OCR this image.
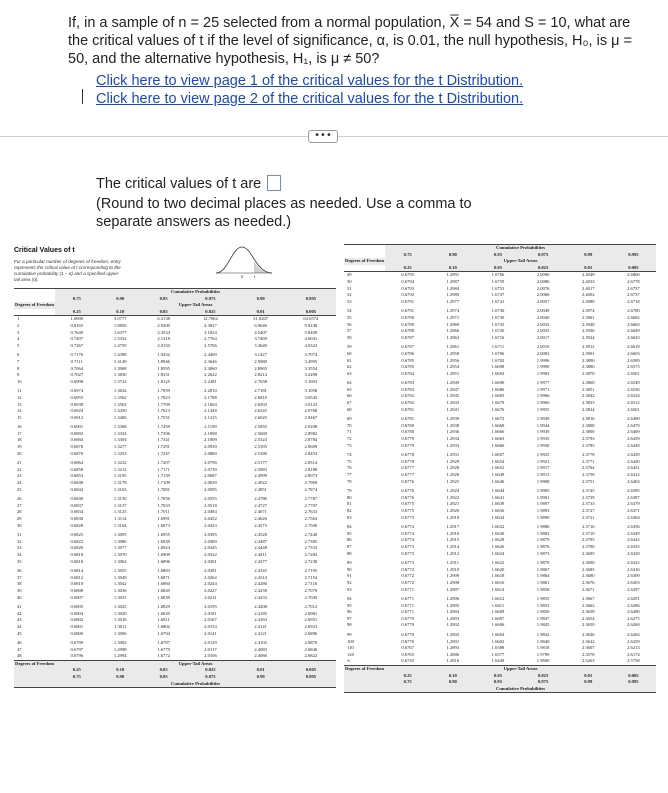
If, in a sample of n = 25 selected from a normal population, X̅ = 54 and S = 10, what are the critical values of t if the level of significance, α, is 0.01, the null hypothesis, H₀, is μ = 50, and the alternative hypothesis, H₁, is μ ≠ 50?
Click here to view page 1 of the critical values for the t Distribution.
Click here to view page 2 of the critical values for the t Distribution.
•••
The critical values of t are
(Round to two decimal places as needed. Use a comma to separate answers as needed.)
Critical Values of t
For a particular number of degrees of freedom, entry represents the critical value of t corresponding to the cumulative probability (1 − α) and a specified upper-tail area (α).
0	t
	Cumulative Probabilities					
	0.75	0.90	0.95	0.975	0.99	0.995
Degrees of Freedom	Upper-Tail Areas					
	0.25	0.10	0.05	0.025	0.01	0.005
1	1.0000	3.0777	6.3138	12.7062	31.8207	63.6574
2	0.8165	1.8856	2.9200	4.3027	6.9646	9.9248
3	0.7649	1.6377	2.3534	3.1824	4.5407	5.8409
4	0.7407	1.5332	2.1318	2.7764	3.7469	4.6041
5	0.7267	1.4759	2.0150	2.5706	3.3649	4.0322

6	0.7176	1.4398	1.9432	2.4469	3.1427	3.7074
7	0.7111	1.4149	1.8946	2.3646	2.9980	3.4995
8	0.7064	1.3968	1.8595	2.3060	2.8965	3.3554
9	0.7027	1.3830	1.8331	2.2622	2.8214	3.2498
10	0.6998	1.3722	1.8125	2.2281	2.7638	3.1693

11	0.6974	1.3634	1.7959	2.2010	2.7181	3.1058
12	0.6955	1.3562	1.7823	2.1788	2.6810	3.0545
13	0.6938	1.3502	1.7709	2.1604	2.6503	3.0123
14	0.6924	1.3450	1.7613	2.1448	2.6245	2.9768
15	0.6912	1.3406	1.7531	2.1315	2.6025	2.9467

16	0.6901	1.3368	1.7459	2.1199	2.5835	2.9208
17	0.6892	1.3334	1.7396	2.1098	2.5669	2.8982
18	0.6884	1.3304	1.7341	2.1009	2.5524	2.8784
19	0.6876	1.3277	1.7291	2.0930	2.5395	2.8609
20	0.6870	1.3253	1.7247	2.0860	2.5280	2.8453

21	0.6864	1.3232	1.7207	2.0796	2.5177	2.8314
22	0.6858	1.3212	1.7171	2.0739	2.5083	2.8188
23	0.6853	1.3195	1.7139	2.0687	2.4999	2.8073
24	0.6848	1.3178	1.7109	2.0639	2.4922	2.7969
25	0.6844	1.3163	1.7081	2.0595	2.4851	2.7874

26	0.6840	1.3150	1.7056	2.0555	2.4786	2.7787
27	0.6837	1.3137	1.7033	2.0518	2.4727	2.7707
28	0.6834	1.3125	1.7011	2.0484	2.4671	2.7633
29	0.6830	1.3114	1.6991	2.0452	2.4620	2.7564
30	0.6828	1.3104	1.6973	2.0423	2.4573	2.7500

31	0.6825	1.3095	1.6955	2.0395	2.4528	2.7440
32	0.6822	1.3086	1.6939	2.0369	2.4487	2.7385
33	0.6820	1.3077	1.6924	2.0345	2.4448	2.7333
34	0.6818	1.3070	1.6909	2.0322	2.4411	2.7284
35	0.6816	1.3062	1.6896	2.0301	2.4377	2.7238

36	0.6814	1.3055	1.6883	2.0281	2.4345	2.7195
37	0.6812	1.3049	1.6871	2.0262	2.4314	2.7154
38	0.6810	1.3042	1.6860	2.0244	2.4286	2.7116
39	0.6808	1.3036	1.6849	2.0227	2.4258	2.7079
40	0.6807	1.3031	1.6839	2.0211	2.4233	2.7045

41	0.6805	1.3025	1.6829	2.0195	2.4208	2.7012
42	0.6804	1.3020	1.6820	2.0181	2.4185	2.6981
43	0.6802	1.3016	1.6811	2.0167	2.4163	2.6951
44	0.6801	1.3011	1.6802	2.0154	2.4141	2.6923
45	0.6800	1.3006	1.6794	2.0141	2.4121	2.6896

46	0.6799	1.3002	1.6787	2.0129	2.4102	2.6870
47	0.6797	1.2998	1.6779	2.0117	2.4083	2.6846
48	0.6796	1.2994	1.6772	2.0106	2.4066	2.6822
Degrees of Freedom	Upper-Tail Areas					
	0.25	0.10	0.05	0.025	0.01	0.005
	0.75	0.90	0.95	0.975	0.99	0.995
	Cumulative Probabilities					
	Cumulative Probabilities					
	0.75	0.90	0.95	0.975	0.99	0.995
Degrees of Freedom	Upper-Tail Areas					
	0.25	0.10	0.05	0.025	0.01	0.005
49	0.6795	1.2991	1.6766	2.0096	2.4049	2.6800
50	0.6794	1.2987	1.6759	2.0086	2.4033	2.6778
51	0.6793	1.2984	1.6753	2.0076	2.4017	2.6757
52	0.6792	1.2980	1.6747	2.0066	2.4002	2.6737
53	0.6791	1.2977	1.6741	2.0057	2.3988	2.6718

54	0.6791	1.2974	1.6736	2.0049	2.3974	2.6700
55	0.6790	1.2971	1.6730	2.0040	2.3961	2.6682
56	0.6789	1.2969	1.6725	2.0032	2.3948	2.6665
57	0.6788	1.2966	1.6720	2.0025	2.3936	2.6649
58	0.6787	1.2963	1.6716	2.0017	2.3924	2.6633

59	0.6787	1.2961	1.6711	2.0010	2.3912	2.6618
60	0.6786	1.2958	1.6706	2.0003	2.3901	2.6603
61	0.6785	1.2956	1.6702	1.9996	2.3890	2.6589
62	0.6785	1.2954	1.6698	1.9990	2.3880	2.6575
63	0.6784	1.2951	1.6694	1.9983	2.3870	2.6561

64	0.6783	1.2949	1.6690	1.9977	2.3860	2.6549
65	0.6783	1.2947	1.6686	1.9971	2.3851	2.6536
66	0.6782	1.2945	1.6683	1.9966	2.3842	2.6524
67	0.6782	1.2943	1.6679	1.9960	2.3833	2.6512
68	0.6781	1.2941	1.6676	1.9955	2.3824	2.6501

69	0.6781	1.2939	1.6672	1.9949	2.3816	2.6490
70	0.6780	1.2938	1.6669	1.9944	2.3808	2.6479
71	0.6780	1.2936	1.6666	1.9939	2.3800	2.6469
72	0.6779	1.2934	1.6663	1.9935	2.3793	2.6459
73	0.6779	1.2933	1.6660	1.9930	2.3785	2.6449

74	0.6778	1.2931	1.6657	1.9925	2.3778	2.6439
75	0.6778	1.2929	1.6654	1.9921	2.3771	2.6430
76	0.6777	1.2928	1.6652	1.9917	2.3764	2.6421
77	0.6777	1.2926	1.6649	1.9913	2.3758	2.6412
78	0.6776	1.2925	1.6646	1.9908	2.3751	2.6403

79	0.6776	1.2924	1.6644	1.9905	2.3745	2.6395
80	0.6776	1.2922	1.6641	1.9901	2.3739	2.6387
81	0.6775	1.2921	1.6639	1.9897	2.3733	2.6379
82	0.6775	1.2920	1.6636	1.9893	2.3727	2.6371
83	0.6775	1.2918	1.6634	1.9890	2.3721	2.6364

84	0.6774	1.2917	1.6632	1.9886	2.3716	2.6356
85	0.6774	1.2916	1.6630	1.9883	2.3710	2.6349
86	0.6774	1.2915	1.6628	1.9879	2.3705	2.6342
87	0.6773	1.2914	1.6626	1.9876	2.3700	2.6335
88	0.6773	1.2912	1.6624	1.9873	2.3695	2.6329

89	0.6773	1.2911	1.6622	1.9870	2.3690	2.6322
90	0.6772	1.2910	1.6620	1.9867	2.3685	2.6316
91	0.6772	1.2909	1.6618	1.9864	2.3680	2.6309
92	0.6772	1.2908	1.6616	1.9861	2.3676	2.6303
93	0.6771	1.2907	1.6614	1.9858	2.3671	2.6297

94	0.6771	1.2906	1.6612	1.9855	2.3667	2.6291
95	0.6771	1.2905	1.6611	1.9853	2.3662	2.6286
96	0.6771	1.2904	1.6609	1.9850	2.3658	2.6280
97	0.6770	1.2903	1.6607	1.9847	2.3654	2.6275
98	0.6770	1.2902	1.6606	1.9845	2.3650	2.6269

99	0.6770	1.2902	1.6604	1.9842	2.3646	2.6264
100	0.6770	1.2901	1.6602	1.9840	2.3642	2.6259
110	0.6767	1.2893	1.6588	1.9818	2.3607	2.6213
120	0.6765	1.2886	1.6577	1.9799	2.3578	2.6174
∞	0.6745	1.2816	1.6449	1.9600	2.3263	2.5758
Degrees of Freedom	Upper-Tail Areas					
	0.25	0.10	0.05	0.025	0.01	0.005
	0.75	0.90	0.95	0.975	0.99	0.995
	Cumulative Probabilities					
